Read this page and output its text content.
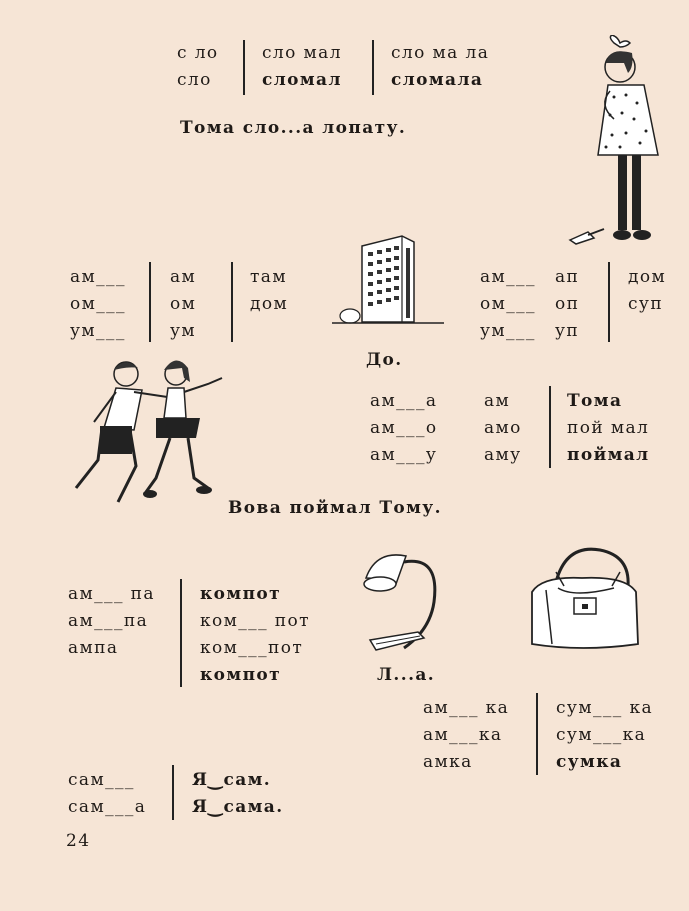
с ло
сло
сло мал
сломал
сло ма ла
сломала
Тома сло...а лопату.
ам___
ом___
ум___
ам
ом
ум
там
дом
До.
ам___
ом___
ум___
ап
оп
уп
дом
суп
ам___а
ам___о
ам___у
ам
амо
аму
Тома
пой мал
поймал
Вова поймал Тому.
Л...а.
ам___ па
ам___па
ампа
компот
ком___ пот
ком___пот
компот
ам___ ка
ам___ка
амка
сум___ ка
сум___ка
сумка
сам___
сам___а
Я‿сам.
Я‿сама.
24
